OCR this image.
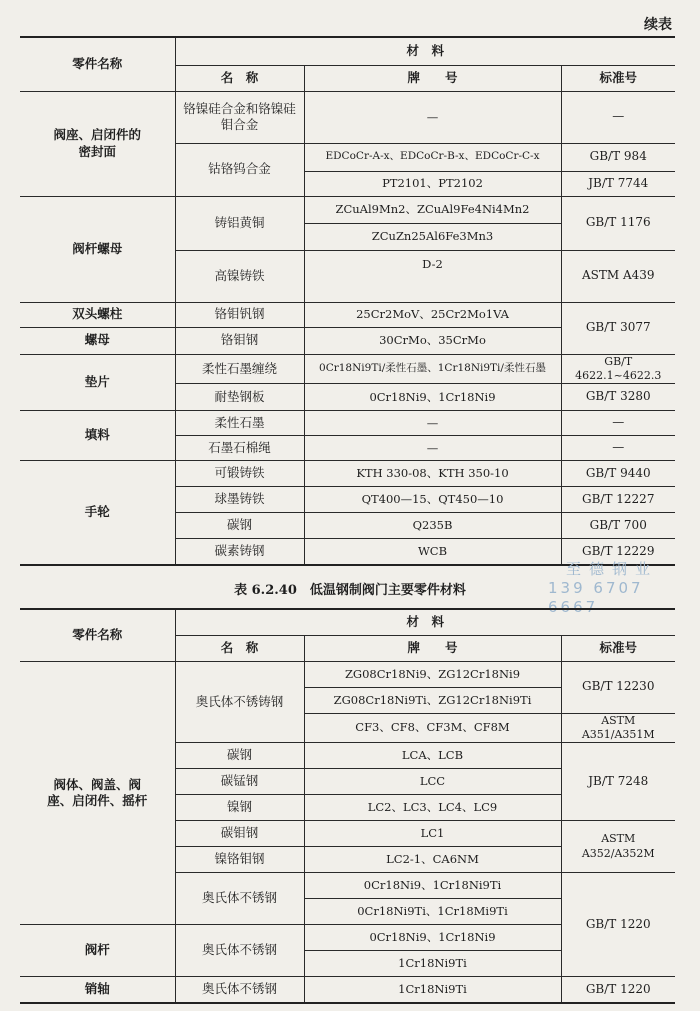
续表
零件名称	材　料		
	名　称	牌　　号	标准号
阀座、启闭件的密封面	铬镍硅合金和铬镍硅钼合金	—	—
	钴铬钨合金	EDCoCr-A-x、EDCoCr-B-x、EDCoCr-C-x	GB/T 984
		PT2101、PT2102	JB/T 7744
阀杆螺母	铸铝黄铜	ZCuAl9Mn2、ZCuAl9Fe4Ni4Mn2	GB/T 1176
		ZCuZn25Al6Fe3Mn3	
	高镍铸铁	D-2	ASTM A439
双头螺柱	铬钼钒钢	25Cr2MoV、25Cr2Mo1VA	GB/T 3077
螺母	铬钼钢	30CrMo、35CrMo	
垫片	柔性石墨缠绕	0Cr18Ni9Ti/柔性石墨、1Cr18Ni9Ti/柔性石墨	GB/T 4622.1~4622.3
	耐垫钢板	0Cr18Ni9、1Cr18Ni9	GB/T 3280
填料	柔性石墨	—	—
	石墨石棉绳	—	—
手轮	可锻铸铁	KTH 330-08、KTH 350-10	GB/T 9440
	球墨铸铁	QT400—15、QT450—10	GB/T 12227
	碳钢	Q235B	GB/T 700
	碳素铸钢	WCB	GB/T 12229
表 6.2.40　低温钢制阀门主要零件材料
至德钢业
139 6707 6667
零件名称	材　料		
	名　称	牌　　号	标准号
阀体、阀盖、阀座、启闭件、摇杆	奥氏体不锈铸钢	ZG08Cr18Ni9、ZG12Cr18Ni9	GB/T 12230
		ZG08Cr18Ni9Ti、ZG12Cr18Ni9Ti	
		CF3、CF8、CF3M、CF8M	ASTM A351/A351M
	碳钢	LCA、LCB	JB/T 7248
	碳锰钢	LCC	
	镍钢	LC2、LC3、LC4、LC9	
	碳钼钢	LC1	ASTM A352/A352M
	镍铬钼钢	LC2-1、CA6NM	
	奥氏体不锈钢	0Cr18Ni9、1Cr18Ni9Ti	GB/T 1220
		0Cr18Ni9Ti、1Cr18Mi9Ti	
阀杆	奥氏体不锈钢	0Cr18Ni9、1Cr18Ni9	
		1Cr18Ni9Ti	
销轴	奥氏体不锈钢	1Cr18Ni9Ti	GB/T 1220
